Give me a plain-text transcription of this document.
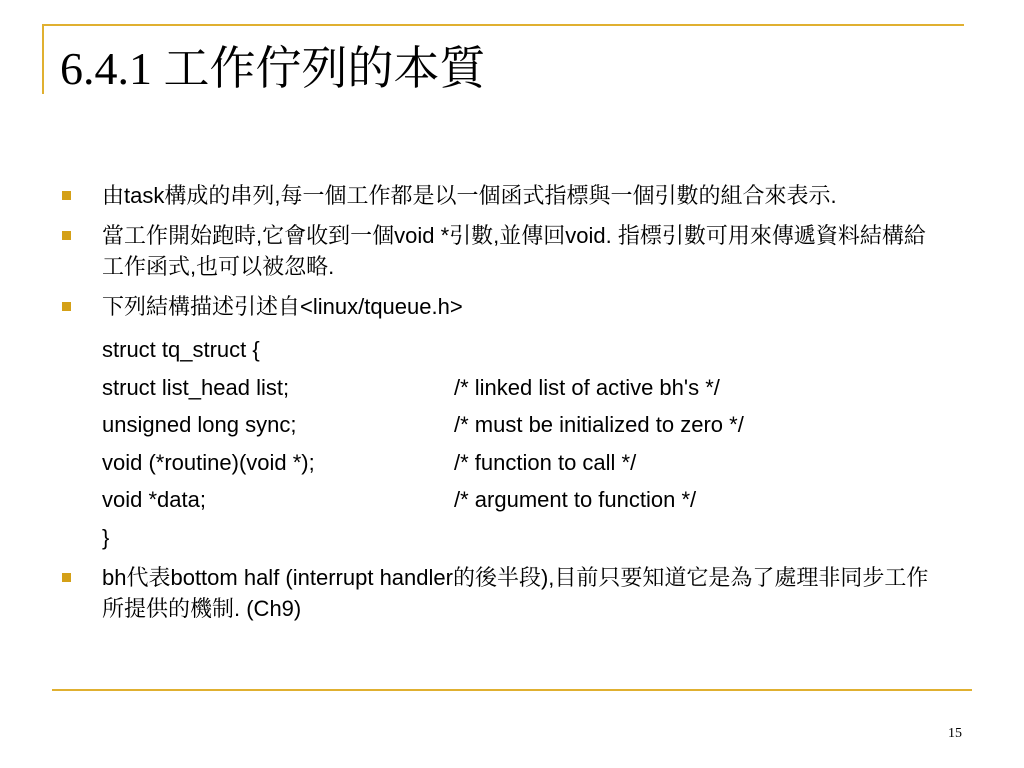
6.4.1 工作佇列的本質
由task構成的串列,每一個工作都是以一個函式指標與一個引數的組合來表示.
當工作開始跑時,它會收到一個void *引數,並傳回void. 指標引數可用來傳遞資料結構給工作函式,也可以被忽略.
下列結構描述引述自<linux/tqueue.h>
struct tq_struct {
struct list_head list;	/* linked list of active bh's */
unsigned long sync;	/* must be initialized to zero */
void (*routine)(void *);	/* function to call */
void *data;	/* argument to function */
}
bh代表bottom half (interrupt handler的後半段),目前只要知道它是為了處理非同步工作所提供的機制. (Ch9)
15
